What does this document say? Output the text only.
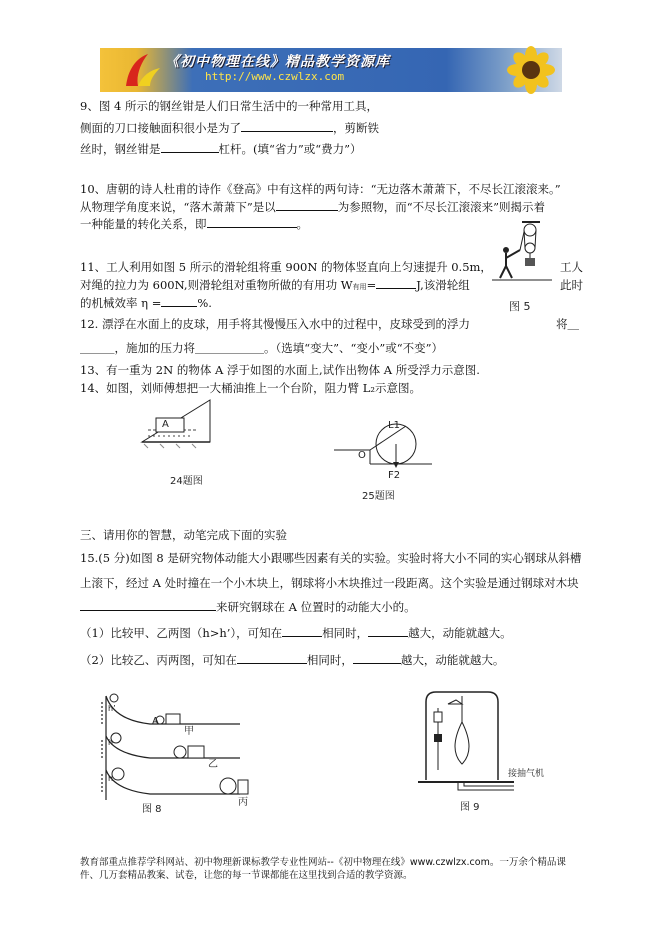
《初中物理在线》精品教学资源库
http://www.czwlzx.com
9、图 4 所示的钢丝钳是人们日常生活中的一种常用工具，
侧面的刀口接触面积很小是为了	，剪断铁
丝时，钢丝钳是	杠杆。(填“省力”或“费力”）
10、唐朝的诗人杜甫的诗作《登高》中有这样的两句诗：“无边落木萧萧下，不尽长江滚滚来。”
从物理学角度来说，“落木萧萧下”是以	为参照物，而“不尽长江滚滚来”则揭示着
一种能量的转化关系，即	。
图 5
11、工人利用如图 5 所示的滑轮组将重 900N 的物体竖直向上匀速提升 0.5m，	工人
对绳的拉力为 600N,则滑轮组对重物所做的有用功 W有用=	J,该滑轮组	此时
的机械效率 η =	%.
12. 漂浮在水面上的皮球，用手将其慢慢压入水中的过程中，皮球受到的浮力	将＿
＿＿＿，施加的压力将＿＿＿＿＿＿。（选填“变大”、“变小”或“不变”）
13、有一重为 2N 的物体 A 浮于如图的水面上,试作出物体 A 所受浮力示意图.
14、如图，刘师傅想把一大桶油推上一个台阶，阻力臂 L₂示意图。
A
24题图
L1
O
F2
25题图
三、请用你的智慧，动笔完成下面的实验
15.(5 分)如图 8 是研究物体动能大小跟哪些因素有关的实验。实验时将大小不同的实心钢球从斜槽
上滚下，经过 A 处时撞在一个小木块上，钢球将小木块推过一段距离。这个实验是通过钢球对木块
来研究钢球在 A 位置时的动能大小的。
（1）比较甲、乙两图（h>h’），可知在	相同时，	越大，动能就越大。
（2）比较乙、丙两图，可知在	相同时，	越大，动能就越大。
甲
乙
丙
A
h’
h
h
图 8
接抽气机
图 9
教育部重点推荐学科网站、初中物理新课标教学专业性网站--《初中物理在线》www.czwlzx.com。一万余个精品课
件、几万套精品教案、试卷，让您的每一节课都能在这里找到合适的教学资源。
